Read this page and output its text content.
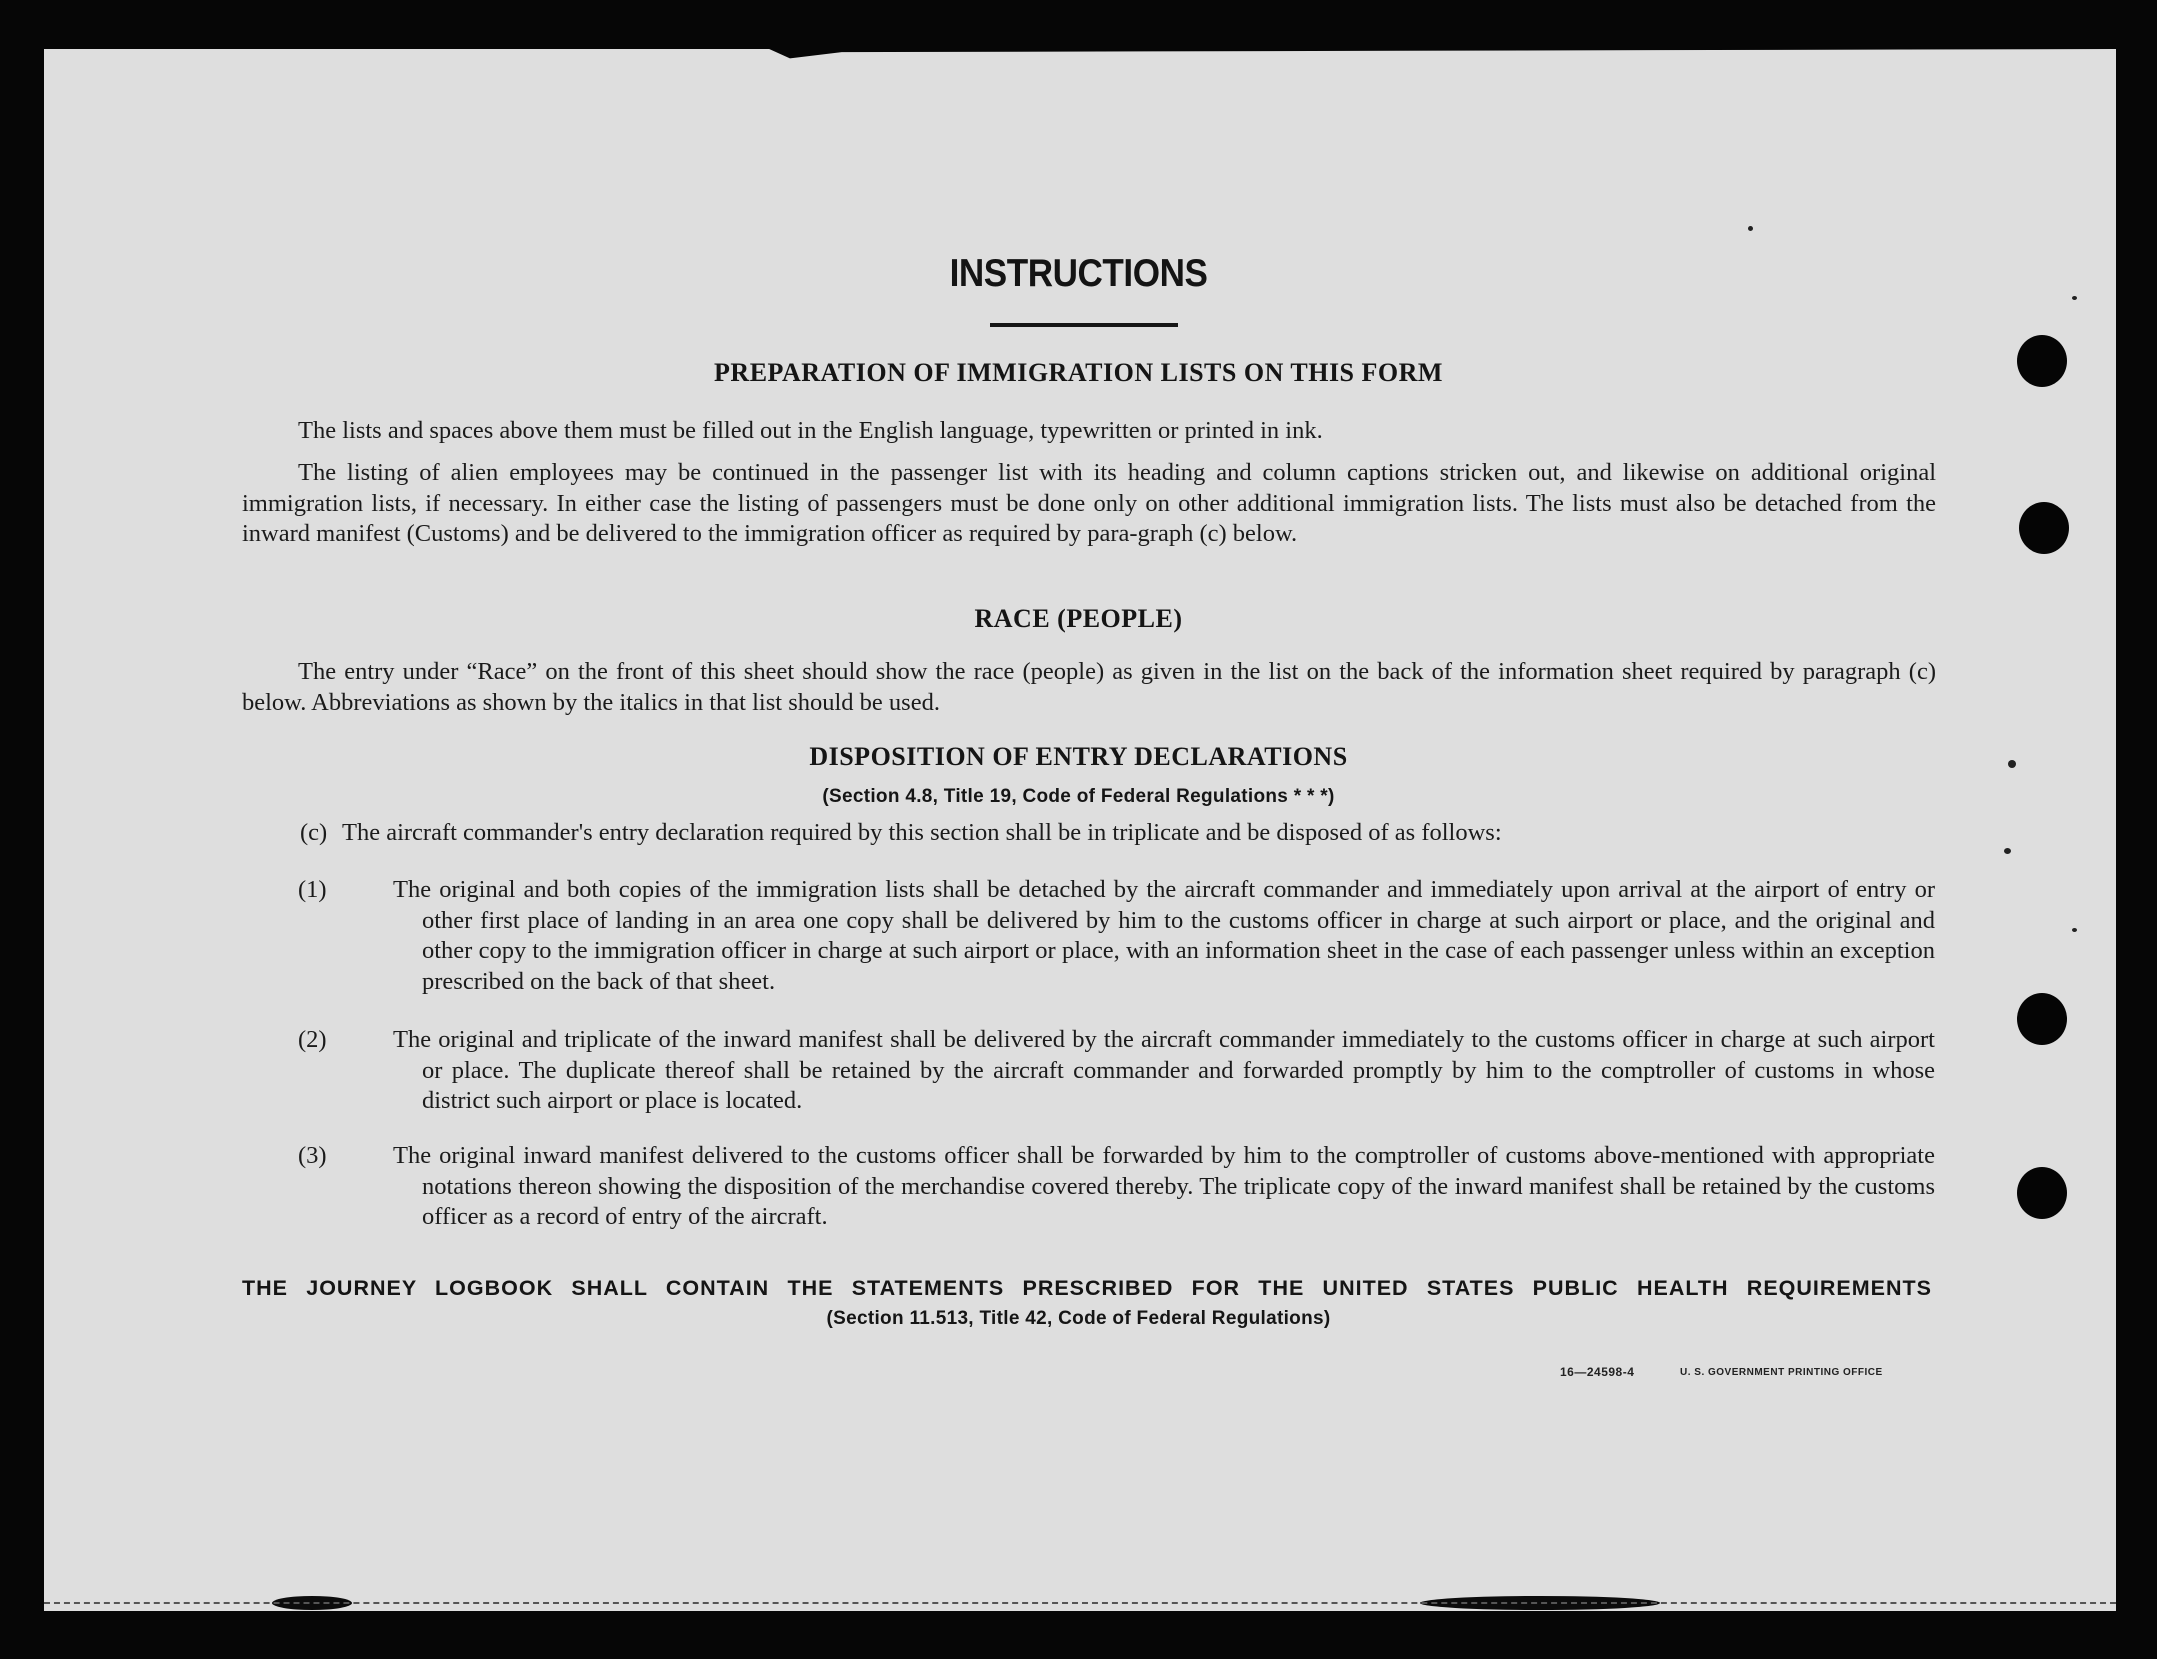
INSTRUCTIONS
PREPARATION OF IMMIGRATION LISTS ON THIS FORM

The lists and spaces above them must be filled out in the English language, typewritten or printed in ink.

The listing of alien employees may be continued in the passenger list with its heading and column captions stricken out, and likewise on additional original immigration lists, if necessary. In either case the listing of passengers must be done only on other additional immigration lists. The lists must also be detached from the inward manifest (Customs) and be delivered to the immigration officer as required by para-graph (c) below.

RACE (PEOPLE)

The entry under “Race” on the front of this sheet should show the race (people) as given in the list on the back of the information sheet required by paragraph (c) below. Abbreviations as shown by the italics in that list should be used.

DISPOSITION OF ENTRY DECLARATIONS
(Section 4.8, Title 19, Code of Federal Regulations * * *)
(c) The aircraft commander's entry declaration required by this section shall be in triplicate and be disposed of as follows:
(1)	The original and both copies of the immigration lists shall be detached by the aircraft commander and immediately upon arrival at the airport of entry or other first place of landing in an area one copy shall be delivered by him to the customs officer in charge at such airport or place, and the original and other copy to the immigration officer in charge at such airport or place, with an information sheet in the case of each passenger unless within an exception prescribed on the back of that sheet.
(2)	The original and triplicate of the inward manifest shall be delivered by the aircraft commander immediately to the customs officer in charge at such airport or place. The duplicate thereof shall be retained by the aircraft commander and forwarded promptly by him to the comptroller of customs in whose district such airport or place is located.
(3)	The original inward manifest delivered to the customs officer shall be forwarded by him to the comptroller of customs above-mentioned with appropriate notations thereon showing the disposition of the merchandise covered thereby. The triplicate copy of the inward manifest shall be retained by the customs officer as a record of entry of the aircraft.
THE JOURNEY LOGBOOK SHALL CONTAIN THE STATEMENTS PRESCRIBED FOR THE UNITED STATES PUBLIC HEALTH REQUIREMENTS
(Section 11.513, Title 42, Code of Federal Regulations)
16—24598-4	U. S. GOVERNMENT PRINTING OFFICE
